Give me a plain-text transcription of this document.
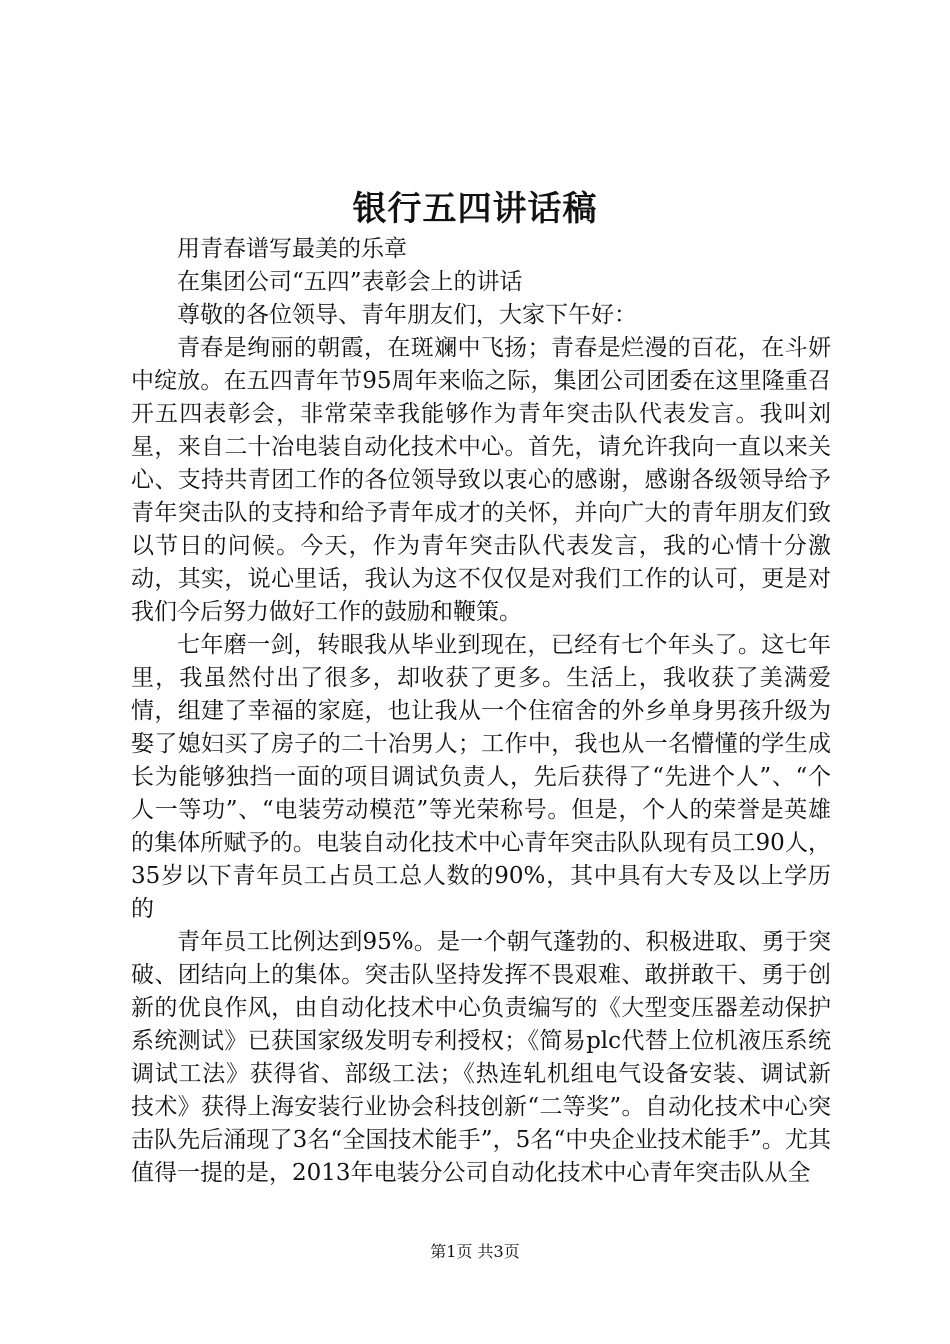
银行五四讲话稿

用青春谱写最美的乐章

在集团公司“五四”表彰会上的讲话

尊敬的各位领导、青年朋友们，大家下午好：

青春是绚丽的朝霞，在斑斓中飞扬；青春是烂漫的百花，在斗妍中绽放。在五四青年节95周年来临之际，集团公司团委在这里隆重召开五四表彰会，非常荣幸我能够作为青年突击队代表发言。我叫刘星，来自二十冶电装自动化技术中心。首先，请允许我向一直以来关心、支持共青团工作的各位领导致以衷心的感谢，感谢各级领导给予青年突击队的支持和给予青年成才的关怀，并向广大的青年朋友们致以节日的问候。今天，作为青年突击队代表发言，我的心情十分激动，其实，说心里话，我认为这不仅仅是对我们工作的认可，更是对我们今后努力做好工作的鼓励和鞭策。

七年磨一剑，转眼我从毕业到现在，已经有七个年头了。这七年里，我虽然付出了很多，却收获了更多。生活上，我收获了美满爱情，组建了幸福的家庭，也让我从一个住宿舍的外乡单身男孩升级为娶了媳妇买了房子的二十冶男人；工作中，我也从一名懵懂的学生成长为能够独挡一面的项目调试负责人，先后获得了“先进个人”、“个人一等功”、“电装劳动模范”等光荣称号。但是，个人的荣誉是英雄的集体所赋予的。电装自动化技术中心青年突击队队现有员工90人，35岁以下青年员工占员工总人数的90%，其中具有大专及以上学历的

青年员工比例达到95%。是一个朝气蓬勃的、积极进取、勇于突破、团结向上的集体。突击队坚持发挥不畏艰难、敢拼敢干、勇于创新的优良作风，由自动化技术中心负责编写的《大型变压器差动保护系统测试》已获国家级发明专利授权；《简易plc代替上位机液压系统调试工法》获得省、部级工法；《热连轧机组电气设备安装、调试新技术》获得上海安装行业协会科技创新“二等奖”。自动化技术中心突击队先后涌现了3名“全国技术能手”，5名“中央企业技术能手”。尤其值得一提的是，2013年电装分公司自动化技术中心青年突击队从全

第1页 共3页
